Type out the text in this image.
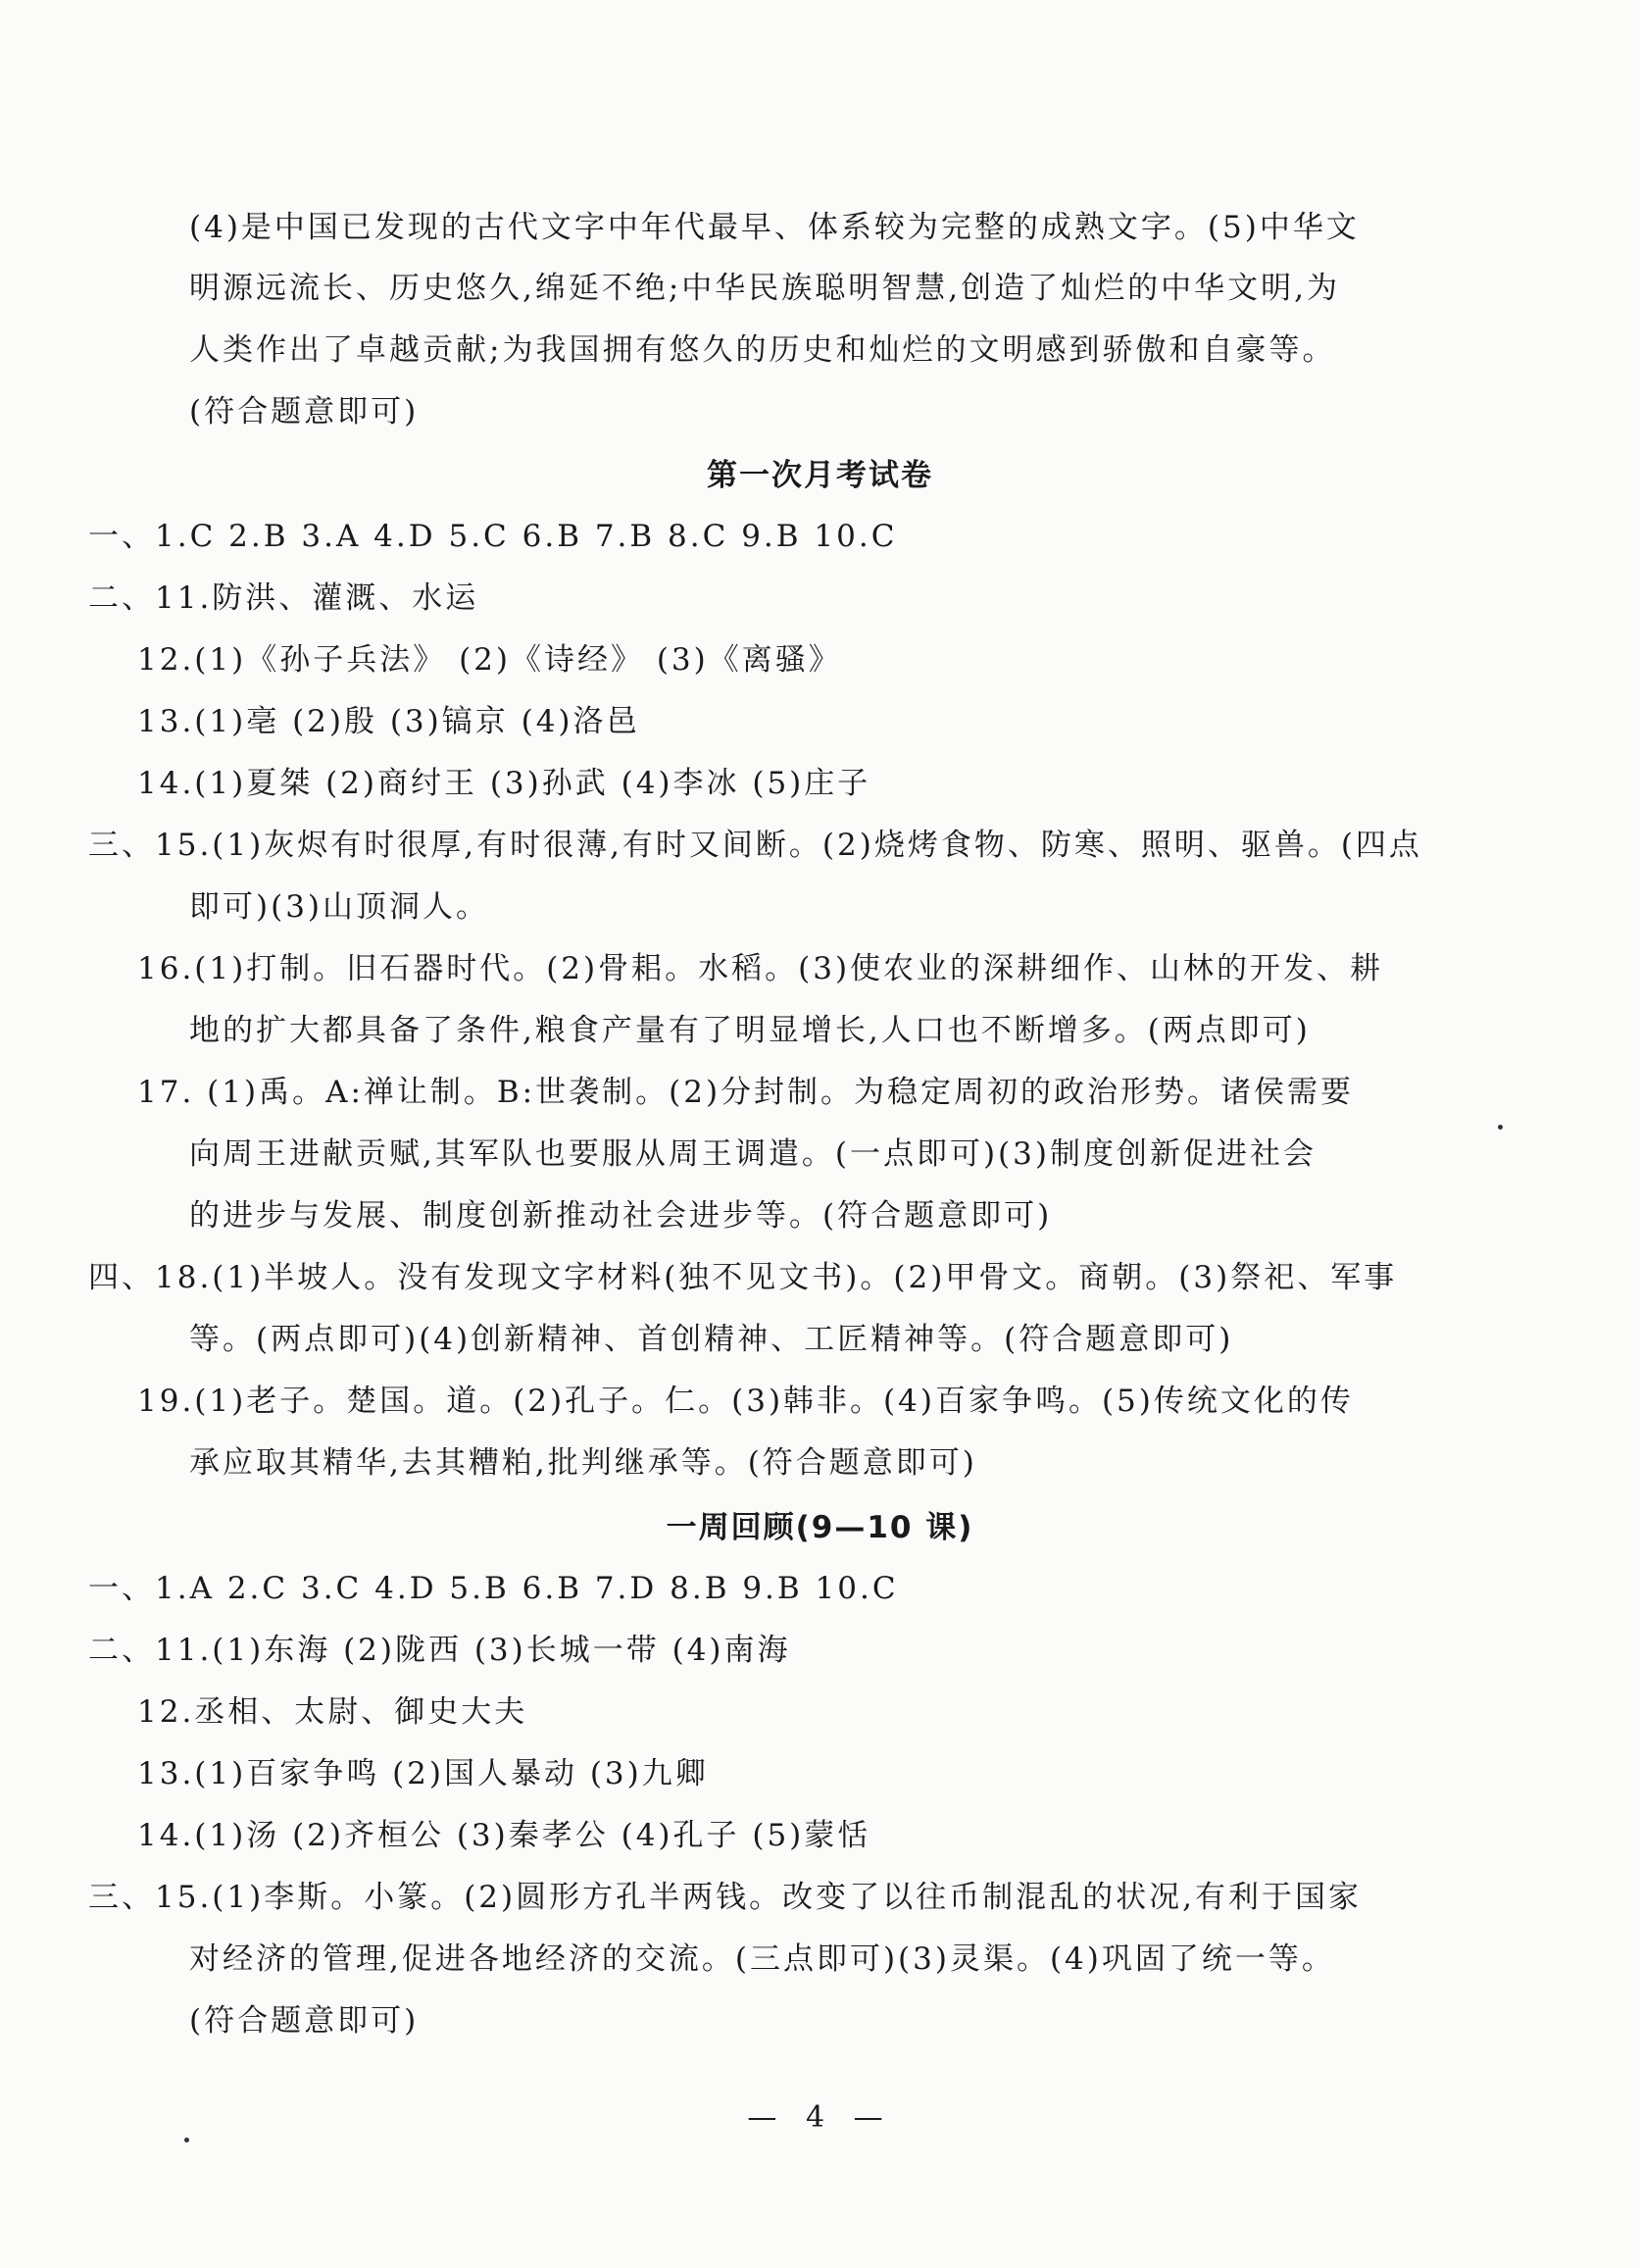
(4)是中国已发现的古代文字中年代最早、体系较为完整的成熟文字。(5)中华文
明源远流长、历史悠久,绵延不绝;中华民族聪明智慧,创造了灿烂的中华文明,为
人类作出了卓越贡献;为我国拥有悠久的历史和灿烂的文明感到骄傲和自豪等。
(符合题意即可)
第一次月考试卷
一、1.C 2.B 3.A 4.D 5.C 6.B 7.B 8.C 9.B 10.C
二、11.防洪、灌溉、水运
12.(1)《孙子兵法》 (2)《诗经》 (3)《离骚》
13.(1)亳 (2)殷 (3)镐京 (4)洛邑
14.(1)夏桀 (2)商纣王 (3)孙武 (4)李冰 (5)庄子
三、15.(1)灰烬有时很厚,有时很薄,有时又间断。(2)烧烤食物、防寒、照明、驱兽。(四点
即可)(3)山顶洞人。
16.(1)打制。旧石器时代。(2)骨耜。水稻。(3)使农业的深耕细作、山林的开发、耕
地的扩大都具备了条件,粮食产量有了明显增长,人口也不断增多。(两点即可)
17. (1)禹。A:禅让制。B:世袭制。(2)分封制。为稳定周初的政治形势。诸侯需要
向周王进献贡赋,其军队也要服从周王调遣。(一点即可)(3)制度创新促进社会
的进步与发展、制度创新推动社会进步等。(符合题意即可)
四、18.(1)半坡人。没有发现文字材料(独不见文书)。(2)甲骨文。商朝。(3)祭祀、军事
等。(两点即可)(4)创新精神、首创精神、工匠精神等。(符合题意即可)
19.(1)老子。楚国。道。(2)孔子。仁。(3)韩非。(4)百家争鸣。(5)传统文化的传
承应取其精华,去其糟粕,批判继承等。(符合题意即可)
一周回顾(9—10 课)
一、1.A 2.C 3.C 4.D 5.B 6.B 7.D 8.B 9.B 10.C
二、11.(1)东海 (2)陇西 (3)长城一带 (4)南海
12.丞相、太尉、御史大夫
13.(1)百家争鸣 (2)国人暴动 (3)九卿
14.(1)汤 (2)齐桓公 (3)秦孝公 (4)孔子 (5)蒙恬
三、15.(1)李斯。小篆。(2)圆形方孔半两钱。改变了以往币制混乱的状况,有利于国家
对经济的管理,促进各地经济的交流。(三点即可)(3)灵渠。(4)巩固了统一等。
(符合题意即可)
— 4 —
